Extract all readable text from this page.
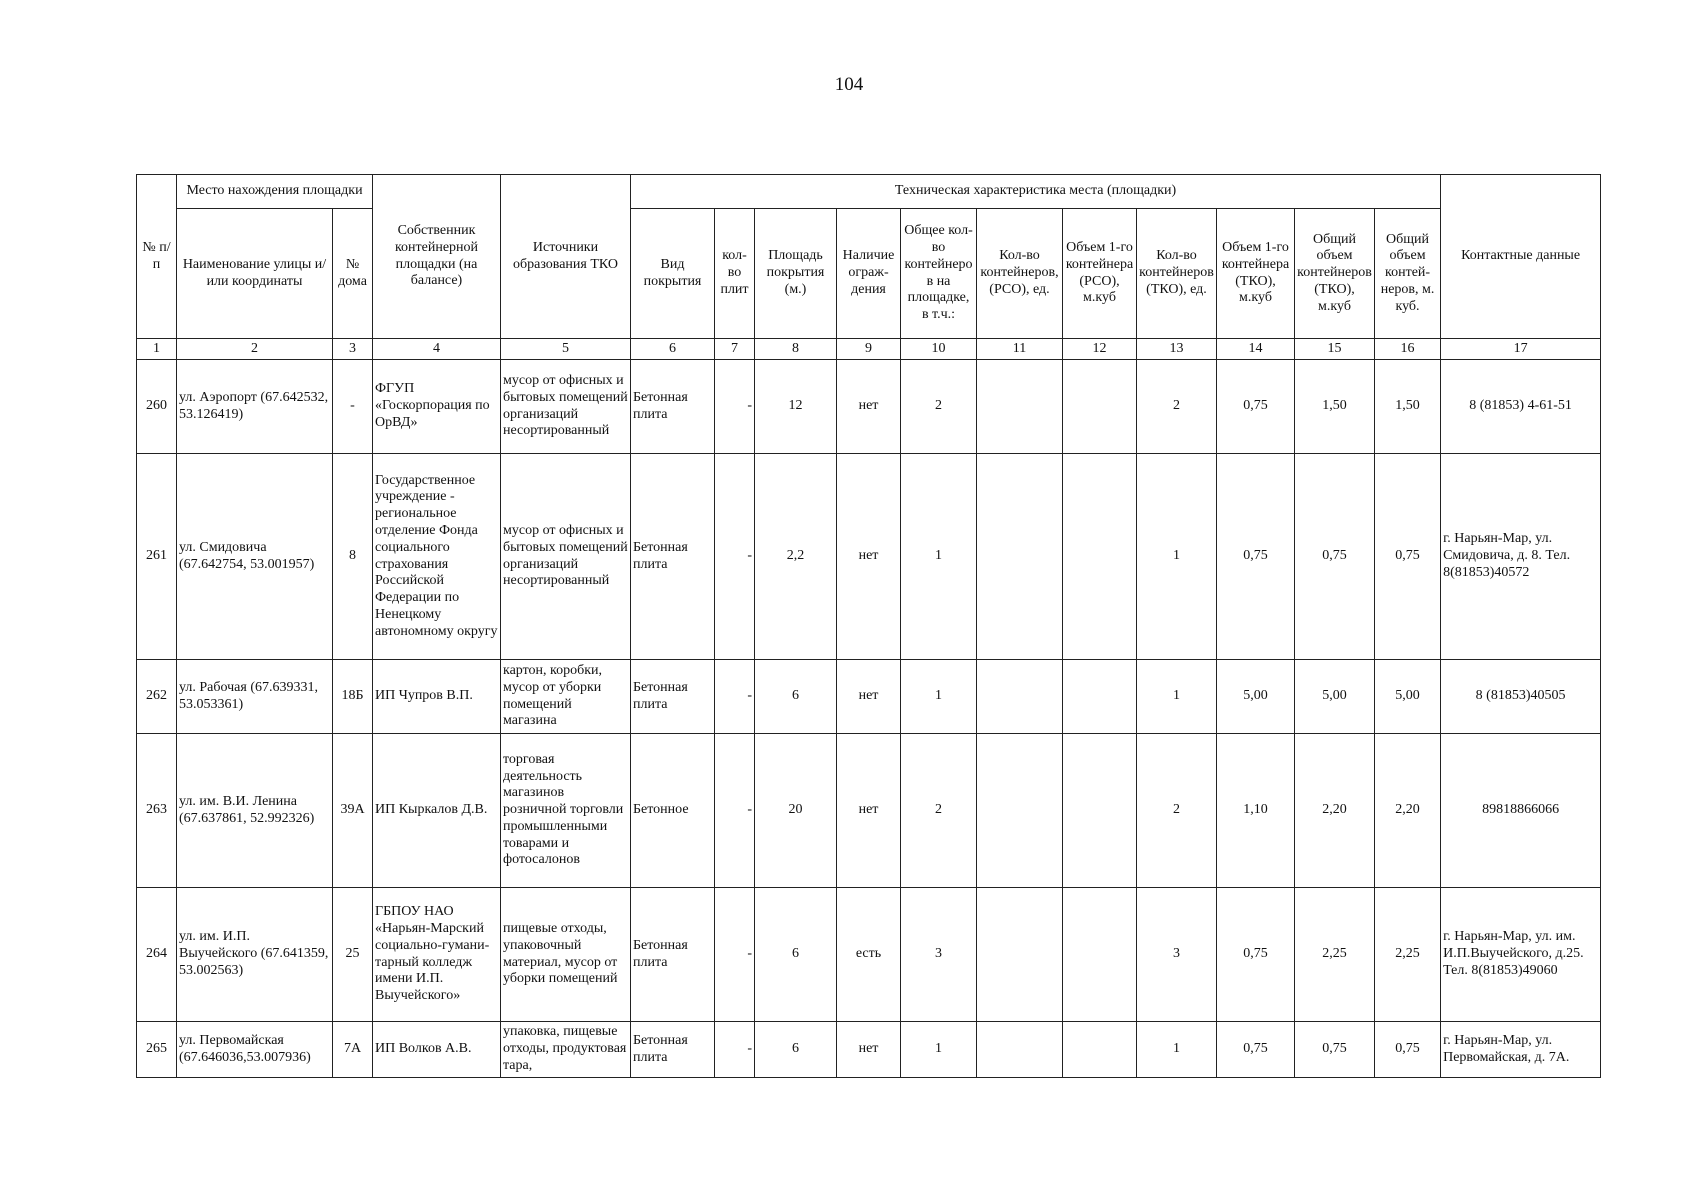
104
№ п/п	Место нахождения площадки		Собственник контейнерной площадки (на балансе)	Источники образования ТКО	Техническая характеристика места (площадки)											Контактные данные
	Наименование улицы и/или координаты	№ дома			Вид покрытия	кол-во плит	Площадь покрытия (м.)	Наличие ограж-дения	Общее кол-во контейнеров на площадке, в т.ч.:	Кол-во контейнеров, (РСО), ед.	Объем 1-го контейнера (РСО), м.куб	Кол-во контейнеров (ТКО), ед.	Объем 1-го контейнера (ТКО), м.куб	Общий объем контейнеров (ТКО), м.куб	Общий объем контей-неров, м. куб.	
1	2	3	4	5	6	7	8	9	10	11	12	13	14	15	16	17
260	ул. Аэропорт (67.642532, 53.126419)	-	ФГУП «Госкорпорация по ОрВД»	мусор от офисных и бытовых помещений организаций несортированный	Бетонная плита	-	12	нет	2			2	0,75	1,50	1,50	8 (81853) 4-61-51
261	ул. Смидовича (67.642754, 53.001957)	8	Государственное учреждение - региональное отделение Фонда социального страхования Российской Федерации по Ненецкому автономному округу	мусор от офисных и бытовых помещений организаций несортированный	Бетонная плита	-	2,2	нет	1			1	0,75	0,75	0,75	г. Нарьян-Мар, ул. Смидовича, д. 8. Тел. 8(81853)40572
262	ул. Рабочая (67.639331, 53.053361)	18Б	ИП Чупров В.П.	картон, коробки, мусор от уборки помещений магазина	Бетонная плита	-	6	нет	1			1	5,00	5,00	5,00	8 (81853)40505
263	ул. им. В.И. Ленина (67.637861, 52.992326)	39А	ИП Кыркалов Д.В.	торговая деятельность магазинов розничной торговли промышленными товарами и фотосалонов	Бетонное	-	20	нет	2			2	1,10	2,20	2,20	89818866066
264	ул. им. И.П. Выучейского (67.641359, 53.002563)	25	ГБПОУ НАО «Нарьян-Марский социально-гумани- тарный колледж имени И.П. Выучейского»	пищевые отходы, упаковочный материал, мусор от уборки помещений	Бетонная плита	-	6	есть	3			3	0,75	2,25	2,25	г. Нарьян-Мар, ул. им. И.П.Выучейского, д.25. Тел. 8(81853)49060
265	ул. Первомайская (67.646036,53.007936)	7А	ИП Волков А.В.	упаковка, пищевые отходы, продуктовая тара,	Бетонная плита	-	6	нет	1			1	0,75	0,75	0,75	г. Нарьян-Мар, ул. Первомайская, д. 7А.
